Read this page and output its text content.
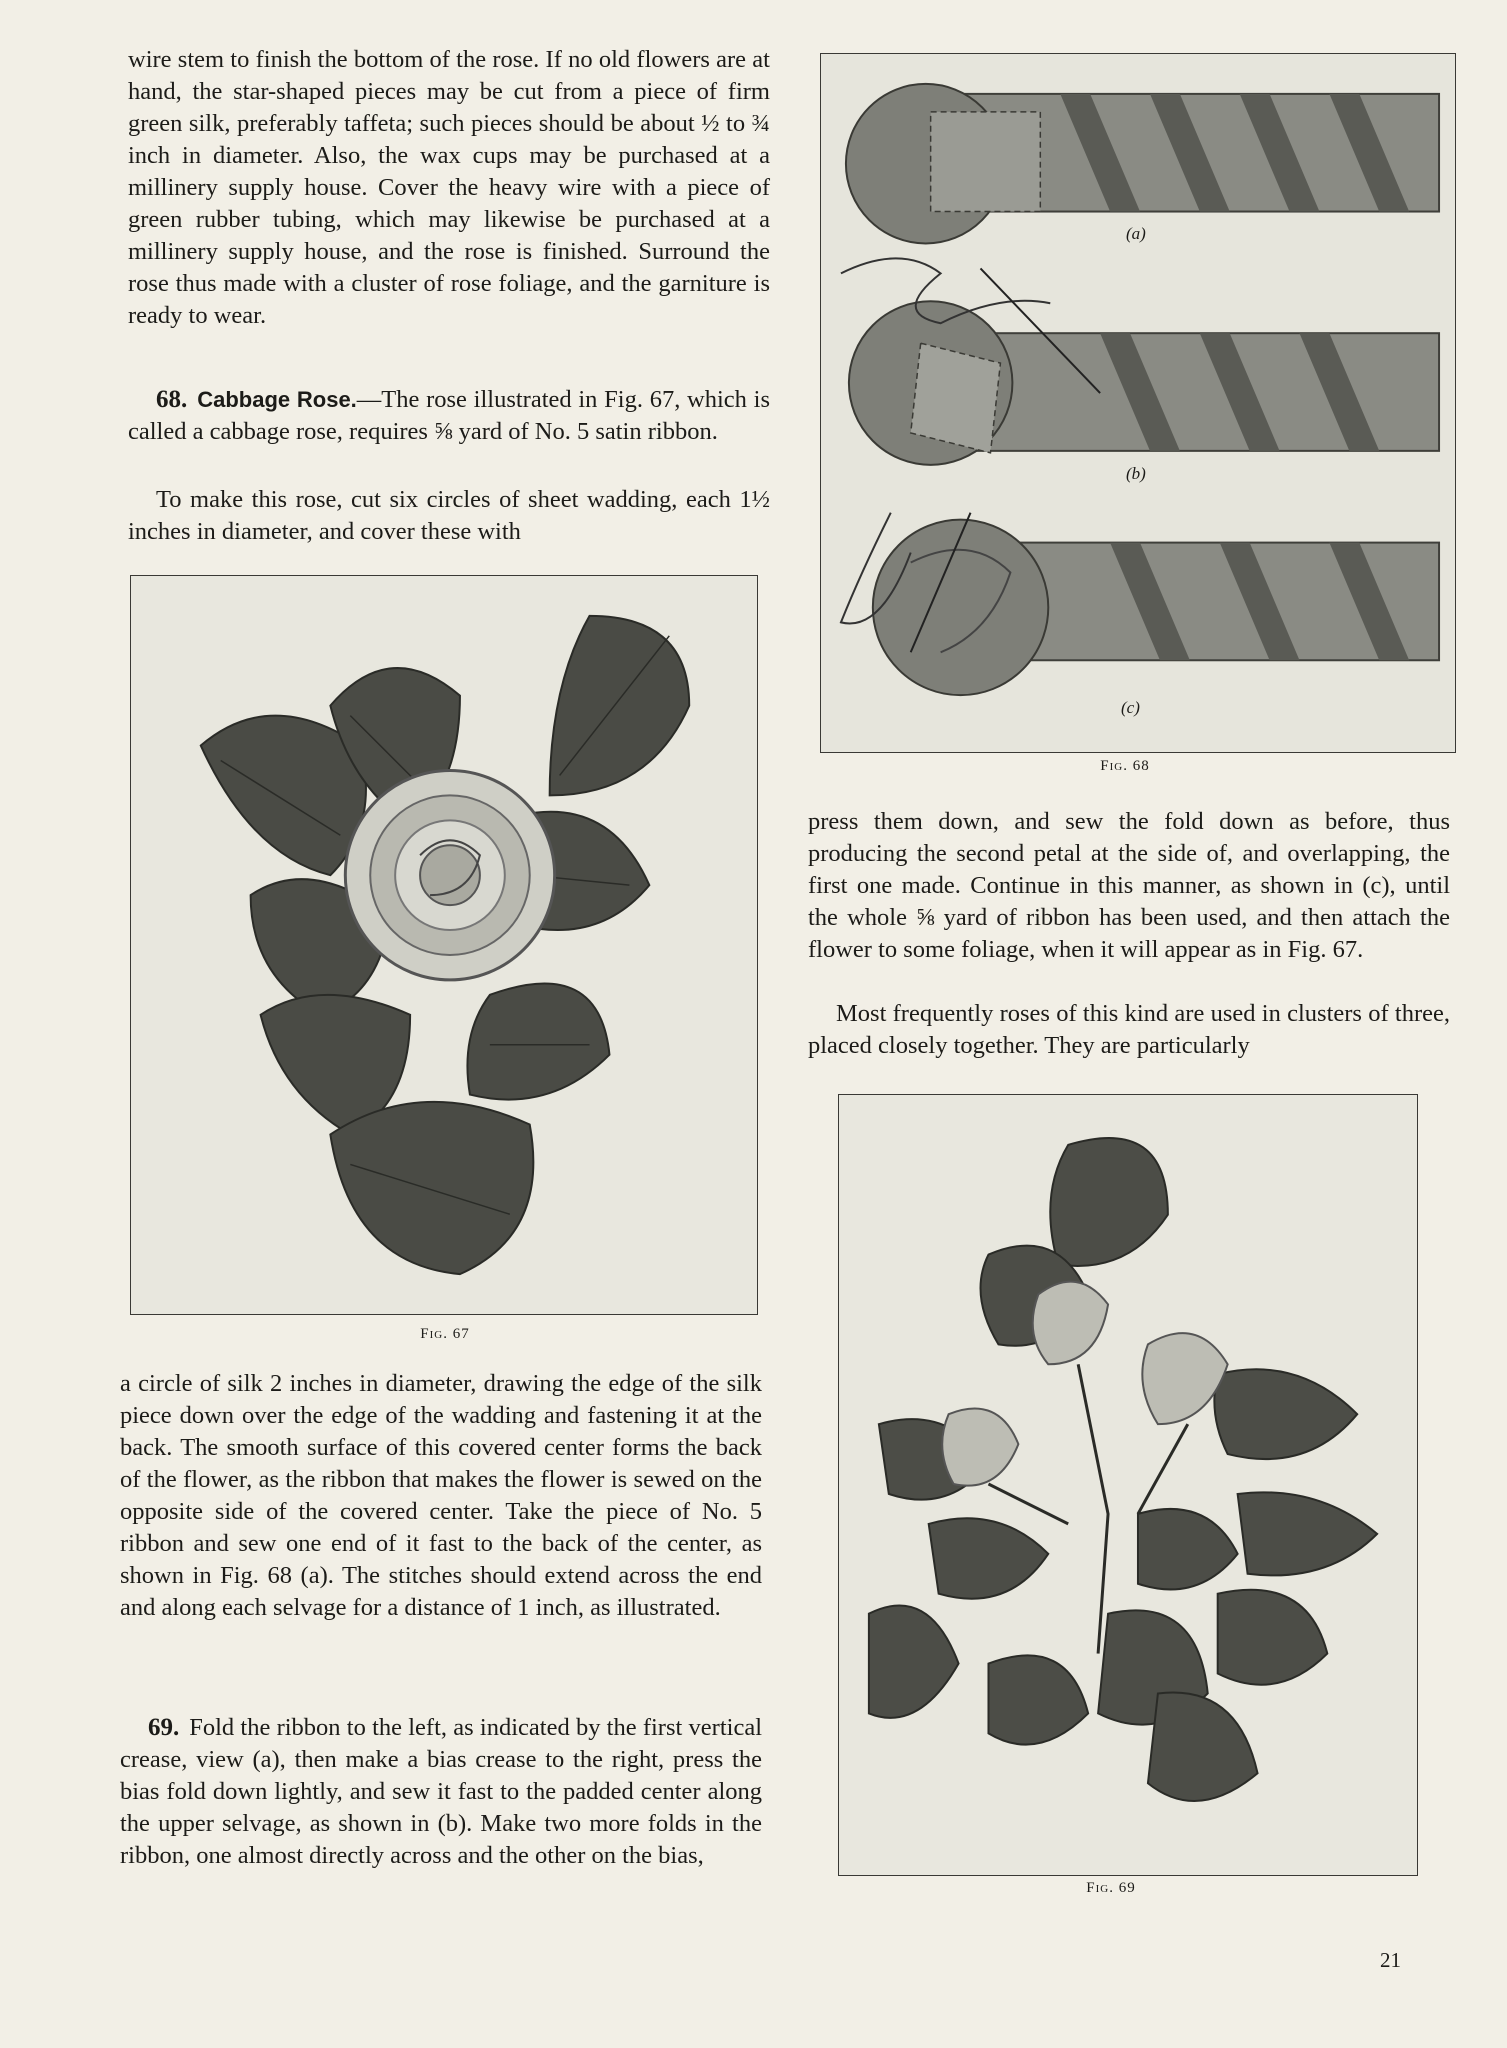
wire stem to finish the bottom of the rose. If no old flowers are at hand, the star-shaped pieces may be cut from a piece of firm green silk, preferably taffeta; such pieces should be about ½ to ¾ inch in diameter. Also, the wax cups may be purchased at a millinery supply house. Cover the heavy wire with a piece of green rubber tubing, which may likewise be purchased at a millinery supply house, and the rose is finished. Surround the rose thus made with a cluster of rose foliage, and the garniture is ready to wear.

68. Cabbage Rose.—The rose illustrated in Fig. 67, which is called a cabbage rose, requires ⅝ yard of No. 5 satin ribbon.

To make this rose, cut six circles of sheet wadding, each 1½ inches in diameter, and cover these with

Fig. 67

a circle of silk 2 inches in diameter, drawing the edge of the silk piece down over the edge of the wadding and fastening it at the back. The smooth surface of this covered center forms the back of the flower, as the ribbon that makes the flower is sewed on the opposite side of the covered center. Take the piece of No. 5 ribbon and sew one end of it fast to the back of the center, as shown in Fig. 68 (a). The stitches should extend across the end and along each selvage for a distance of 1 inch, as illustrated.

69. Fold the ribbon to the left, as indicated by the first vertical crease, view (a), then make a bias crease to the right, press the bias fold down lightly, and sew it fast to the padded center along the upper selvage, as shown in (b). Make two more folds in the ribbon, one almost directly across and the other on the bias,

(a)
(b)
(c)
Fig. 68

press them down, and sew the fold down as before, thus producing the second petal at the side of, and overlapping, the first one made. Continue in this manner, as shown in (c), until the whole ⅝ yard of ribbon has been used, and then attach the flower to some foliage, when it will appear as in Fig. 67.

Most frequently roses of this kind are used in clusters of three, placed closely together. They are particularly

Fig. 69
21
